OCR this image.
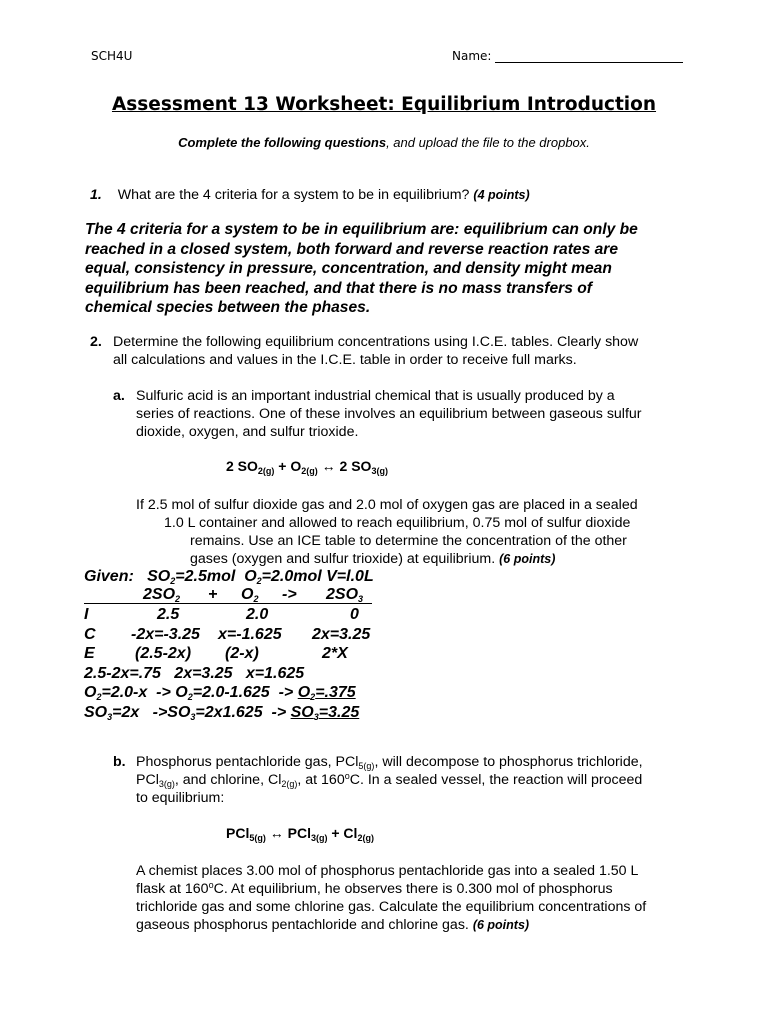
SCH4U	Name:
Assessment 13 Worksheet: Equilibrium Introduction
Complete the following questions, and upload the file to the dropbox.
1. What are the 4 criteria for a system to be in equilibrium? (4 points)
The 4 criteria for a system to be in equilibrium are: equilibrium can only be
reached in a closed system, both forward and reverse reaction rates are
equal, consistency in pressure, concentration, and density might mean
equilibrium has been reached, and that there is no mass transfers of
chemical species between the phases.
2. Determine the following equilibrium concentrations using I.C.E. tables. Clearly show
all calculations and values in the I.C.E. table in order to receive full marks.
a. Sulfuric acid is an important industrial chemical that is usually produced by a
series of reactions. One of these involves an equilibrium between gaseous sulfur
dioxide, oxygen, and sulfur trioxide.
2 $SO_{2(g)} + O_{2(g)}$ ↔ 2 $SO_{3(g)}$
If 2.5 mol of sulfur dioxide gas and 2.0 mol of oxygen gas are placed in a sealed
1.0 L container and allowed to reach equilibrium, 0.75 mol of sulfur dioxide
remains. Use an ICE table to determine the concentration of the other
gases (oxygen and sulfur trioxide) at equilibrium. (6 points)
Given:   $SO_2=2.5mol$  $O_2=2.0mol$ V=l.0L
$2SO_2 + O_2 -> 2SO_3$

I	2.5	2.0	0
C -2x=-3.25 x=-1.625 2x=3.25
E	(2.5-2x) (2-x)	2*X
2.5-2x=.75   2x=3.25   x=1.625
$O_2=2.0-x -> O_2=2.0-1.625 -> O_2=.375$
$SO_3=2x$   $->SO_3=2x1.625 -> SO_3=3.25$
b. Phosphorus pentachloride gas, PCl$_{5(g)}$, will decompose to phosphorus trichloride,
PCl$_{3(g)}$, and chlorine, $Cl_{2(g)}$, at 160$^o$C. In a sealed vessel, the reaction will proceed
to equilibrium:
PCl$_{5(g)}$ ↔ $PCl_{3(g)} + Cl_{2(g)}$
A chemist places 3.00 mol of phosphorus pentachloride gas into a sealed 1.50 L
flask at 160$^o$C. At equilibrium, he observes there is 0.300 mol of phosphorus
trichloride gas and some chlorine gas. Calculate the equilibrium concentrations of
gaseous phosphorus pentachloride and chlorine gas. (6 points)
